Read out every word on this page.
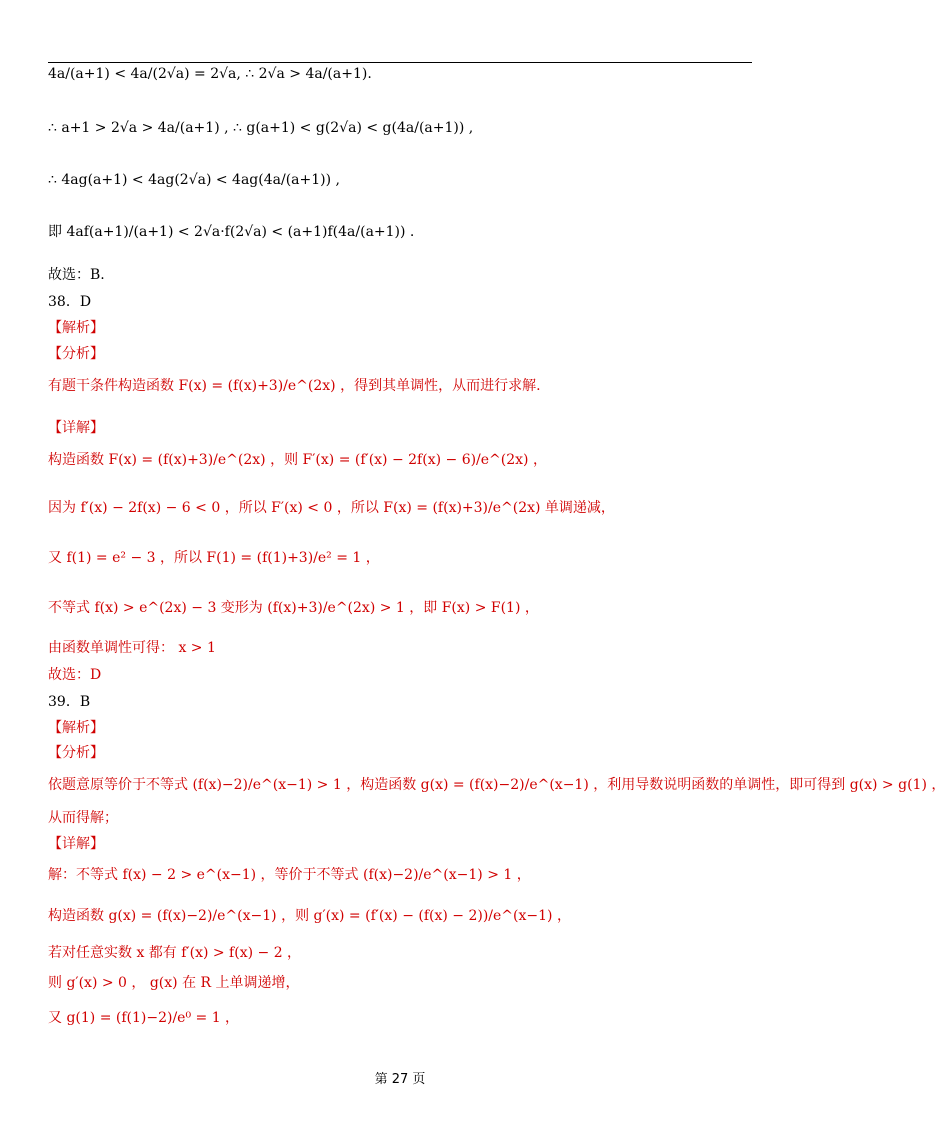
4a/(a+1) < 4a/(2√a) = 2√a, ∴ 2√a > 4a/(a+1).
∴ a+1 > 2√a > 4a/(a+1) , ∴ g(a+1) < g(2√a) < g(4a/(a+1)) ,
∴ 4ag(a+1) < 4ag(2√a) < 4ag(4a/(a+1)) ,
即 4af(a+1)/(a+1) < 2√a·f(2√a) < (a+1)f(4a/(a+1)) .
故选：B.
38．D
【解析】
【分析】
有题干条件构造函数 F(x) = (f(x)+3)/e^(2x) ，得到其单调性，从而进行求解.
【详解】
构造函数 F(x) = (f(x)+3)/e^(2x) ，则 F′(x) = (f′(x) − 2f(x) − 6)/e^(2x) ，
因为 f′(x) − 2f(x) − 6 < 0 ，所以 F′(x) < 0 ，所以 F(x) = (f(x)+3)/e^(2x) 单调递减，
又 f(1) = e² − 3 ，所以 F(1) = (f(1)+3)/e² = 1 ，
不等式 f(x) > e^(2x) − 3 变形为 (f(x)+3)/e^(2x) > 1 ，即 F(x) > F(1) ，
由函数单调性可得： x > 1
故选：D
39．B
【解析】
【分析】
依题意原等价于不等式 (f(x)−2)/e^(x−1) > 1 ，构造函数 g(x) = (f(x)−2)/e^(x−1) ，利用导数说明函数的单调性，即可得到 g(x) > g(1) ，
从而得解；
【详解】
解：不等式 f(x) − 2 > e^(x−1) ，等价于不等式 (f(x)−2)/e^(x−1) > 1 ，
构造函数 g(x) = (f(x)−2)/e^(x−1) ，则 g′(x) = (f′(x) − (f(x) − 2))/e^(x−1) ，
若对任意实数 x 都有 f′(x) > f(x) − 2 ，
则 g′(x) > 0 ， g(x) 在 R 上单调递增，
又 g(1) = (f(1)−2)/e⁰ = 1 ，
第 27 页
